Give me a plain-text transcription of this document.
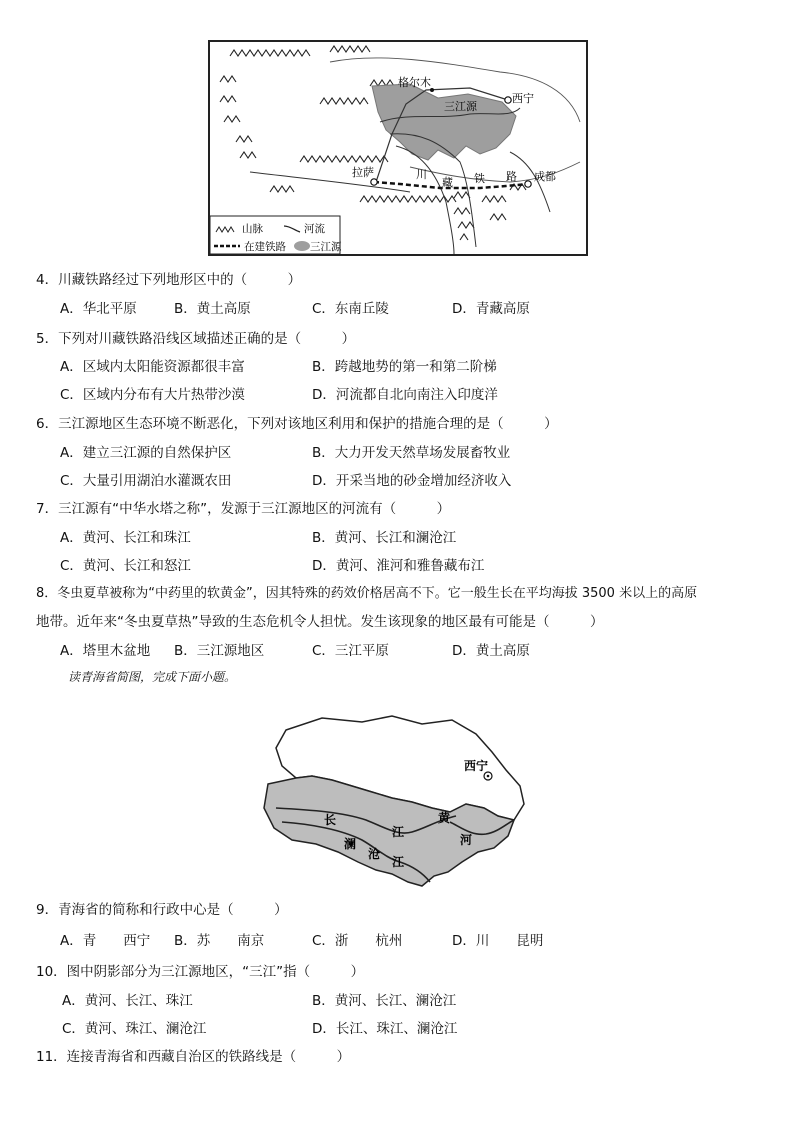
格尔木
西宁
三江源
拉萨	成都
川
藏 铁 路
山脉	河流
在建铁路 三江源
4．川藏铁路经过下列地形区中的（　　　）
A．华北平原	B．黄土高原	C．东南丘陵	D．青藏高原
5．下列对川藏铁路沿线区域描述正确的是（　　　）
A．区域内太阳能资源都很丰富	B．跨越地势的第一和第二阶梯
C．区域内分布有大片热带沙漠	D．河流都自北向南注入印度洋
6．三江源地区生态环境不断恶化，下列对该地区利用和保护的措施合理的是（　　　）
A．建立三江源的自然保护区	B．大力开发天然草场发展畜牧业
C．大量引用湖泊水灌溉农田	D．开采当地的砂金增加经济收入
7．三江源有“中华水塔之称”，发源于三江源地区的河流有（　　　）
A．黄河、长江和珠江	B．黄河、长江和澜沧江
C．黄河、长江和怒江	D．黄河、淮河和雅鲁藏布江
8．冬虫夏草被称为“中药里的软黄金”，因其特殊的药效价格居高不下。它一般生长在平均海拔 3500 米以上的高原
地带。近年来“冬虫夏草热”导致的生态危机令人担忧。发生该现象的地区最有可能是（　　　）
A．塔里木盆地 B．三江源地区	C．三江平原	D．黄土高原
读青海省简图，完成下面小题。
西宁
长
江
澜
沧
江
黄
河
9．青海省的简称和行政中心是（　　　）
A．青　　西宁 B．苏　　南京	C．浙　　杭州	D．川　　昆明
10．图中阴影部分为三江源地区，“三江”指（　　　）
A．黄河、长江、珠江	B．黄河、长江、澜沧江
C．黄河、珠江、澜沧江	D．长江、珠江、澜沧江
11．连接青海省和西藏自治区的铁路线是（　　　）
